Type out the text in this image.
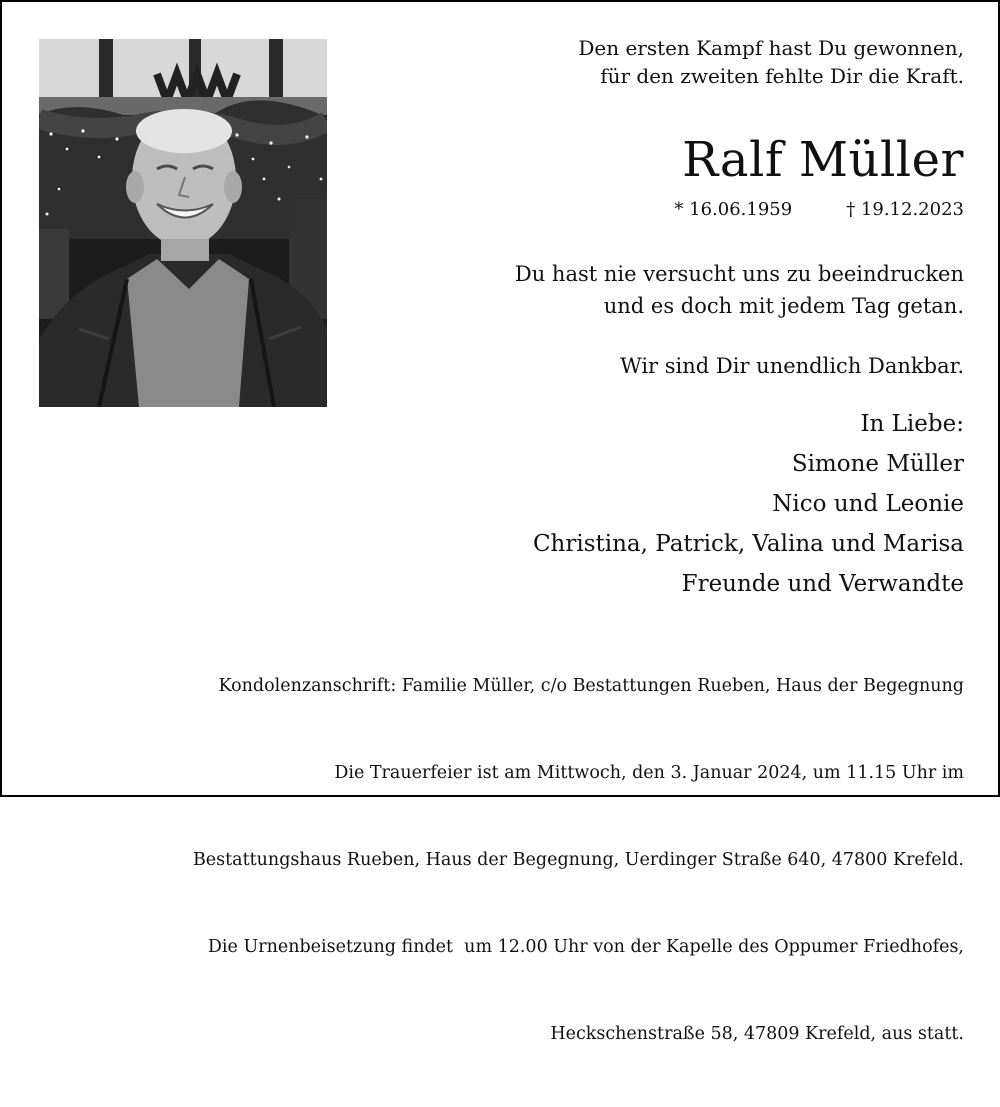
Den ersten Kampf hast Du gewonnen,
für den zweiten fehlte Dir die Kraft.
Ralf Müller
* 16.06.1959	† 19.12.2023
Du hast nie versucht uns zu beeindrucken
und es doch mit jedem Tag getan.
Wir sind Dir unendlich Dankbar.
In Liebe:
Simone Müller
Nico und Leonie
Christina, Patrick, Valina und Marisa
Freunde und Verwandte

Kondolenzanschrift: Familie Müller, c/o Bestattungen Rueben, Haus der Begegnung

Die Trauerfeier ist am Mittwoch, den 3. Januar 2024, um 11.15 Uhr im

Bestattungshaus Rueben, Haus der Begegnung, Uerdinger Straße 640, 47800 Krefeld.

Die Urnenbeisetzung findet  um 12.00 Uhr von der Kapelle des Oppumer Friedhofes,

Heckschenstraße 58, 47809 Krefeld, aus statt.
